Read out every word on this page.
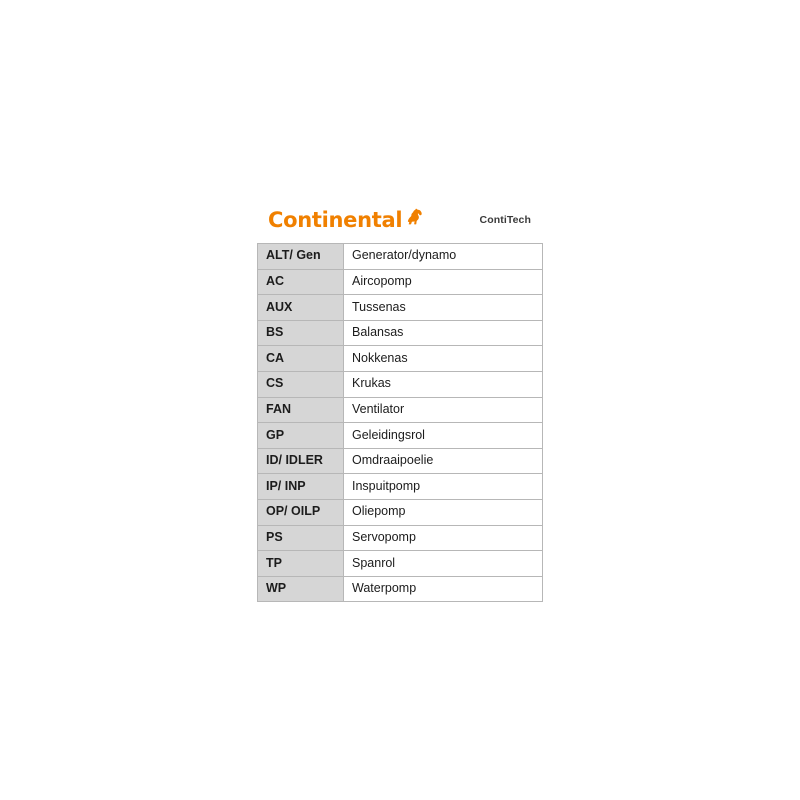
Continental	ContiTech
ALT/ Gen	Generator/dynamo
AC	Aircopomp
AUX	Tussenas
BS	Balansas
CA	Nokkenas
CS	Krukas
FAN	Ventilator
GP	Geleidingsrol
ID/ IDLER	Omdraaipoelie
IP/ INP	Inspuitpomp
OP/ OILP	Oliepomp
PS	Servopomp
TP	Spanrol
WP	Waterpomp
